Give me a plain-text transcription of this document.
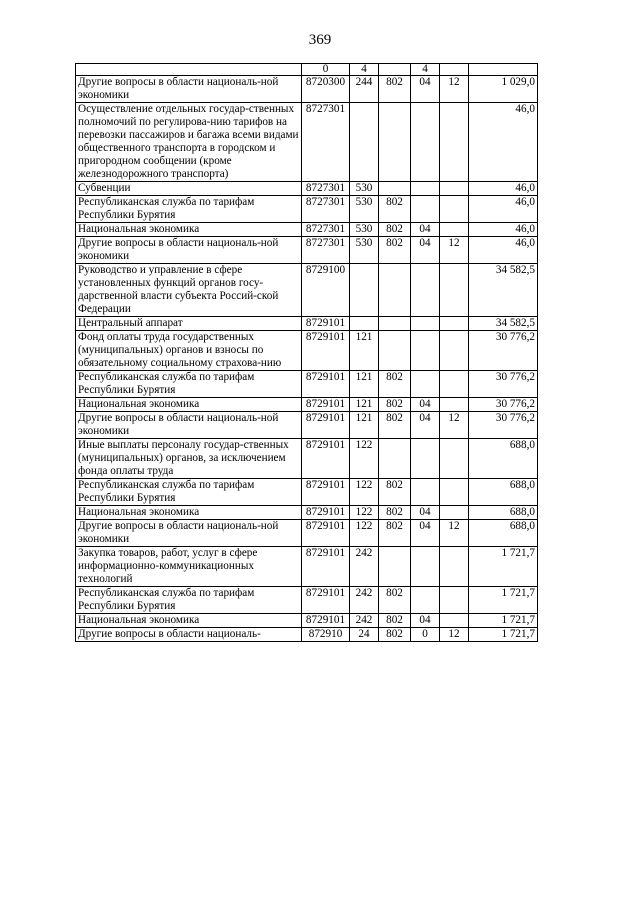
369
	0	4		4		
Другие вопросы в области националь-ной экономики	8720300	244	802	04	12	1 029,0
Осуществление отдельных государ-ственных полномочий по регулирова-нию тарифов на перевозки пассажиров и багажа всеми видами общественного транспорта в городском и пригородном сообщении (кроме железнодорожного транспорта)	8727301					46,0
Субвенции	8727301	530				46,0
Республиканская служба по тарифам Республики Бурятия	8727301	530	802			46,0
Национальная экономика	8727301	530	802	04		46,0
Другие вопросы в области националь-ной экономики	8727301	530	802	04	12	46,0
Руководство и управление в сфере установленных функций органов госу-дарственной власти субъекта Россий-ской Федерации	8729100					34 582,5
Центральный аппарат	8729101					34 582,5
Фонд оплаты труда государственных (муниципальных) органов и взносы по обязательному социальному страхова-нию	8729101	121				30 776,2
Республиканская служба по тарифам Республики Бурятия	8729101	121	802			30 776,2
Национальная экономика	8729101	121	802	04		30 776,2
Другие вопросы в области националь-ной экономики	8729101	121	802	04	12	30 776,2
Иные выплаты персоналу государ-ственных (муниципальных) органов, за исключением фонда оплаты труда	8729101	122				688,0
Республиканская служба по тарифам Республики Бурятия	8729101	122	802			688,0
Национальная экономика	8729101	122	802	04		688,0
Другие вопросы в области националь-ной экономики	8729101	122	802	04	12	688,0
Закупка товаров, работ, услуг в сфере информационно-коммуникационных технологий	8729101	242				1 721,7
Республиканская служба по тарифам Республики Бурятия	8729101	242	802			1 721,7
Национальная экономика	8729101	242	802	04		1 721,7
Другие вопросы в области националь-	872910	24	802	0	12	1 721,7
